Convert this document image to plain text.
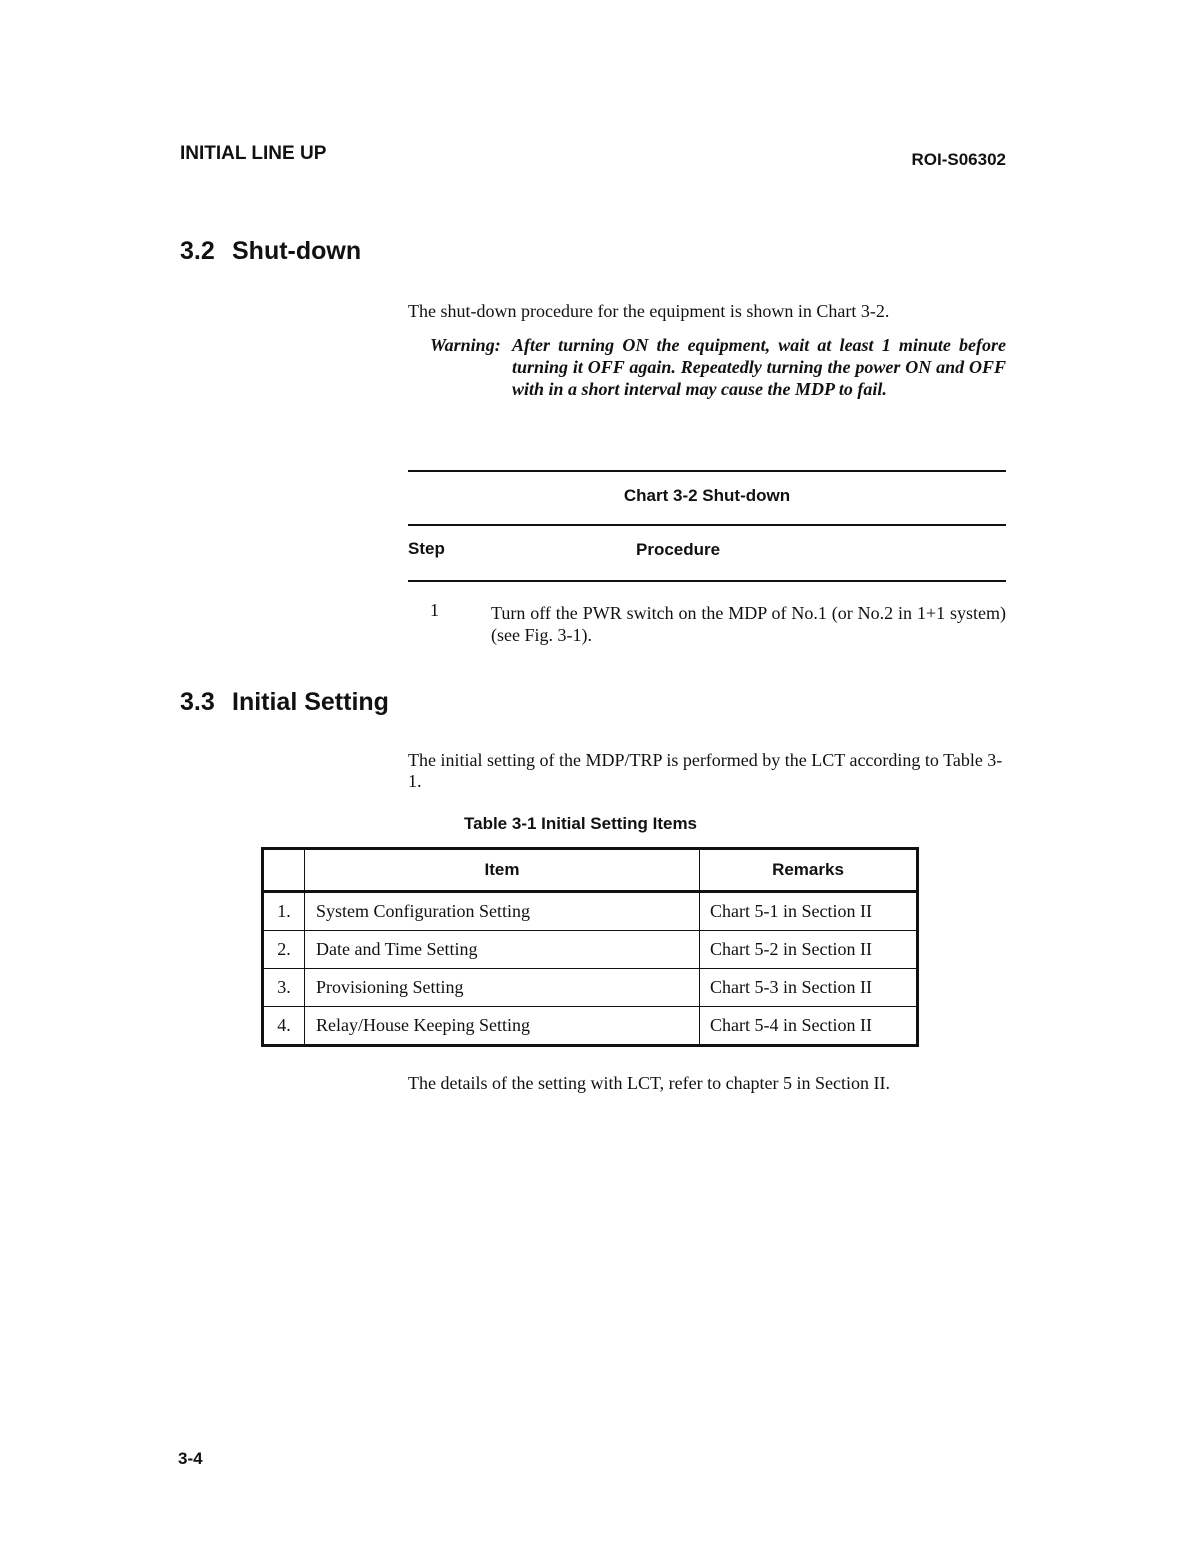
INITIAL LINE UP	ROI-S06302
3.2 Shut-down
The shut-down procedure for the equipment is shown in Chart 3-2.
Warning: After turning ON the equipment, wait at least 1 minute before turning it OFF again. Repeatedly turning the power ON and OFF with in a short interval may cause the MDP to fail.
Chart 3-2 Shut-down
Step	Procedure
1	Turn off the PWR switch on the MDP of No.1 (or No.2 in 1+1 system) (see Fig. 3-1).
3.3 Initial Setting
The initial setting of the MDP/TRP is performed by the LCT according to Table 3-1.
Table 3-1 Initial Setting Items
	Item	Remarks
1.	System Configuration Setting	Chart 5-1 in Section II
2.	Date and Time Setting	Chart 5-2 in Section II
3.	Provisioning Setting	Chart 5-3 in Section II
4.	Relay/House Keeping Setting	Chart 5-4 in Section II
The details of the setting with LCT, refer to chapter 5 in Section II.
3-4
